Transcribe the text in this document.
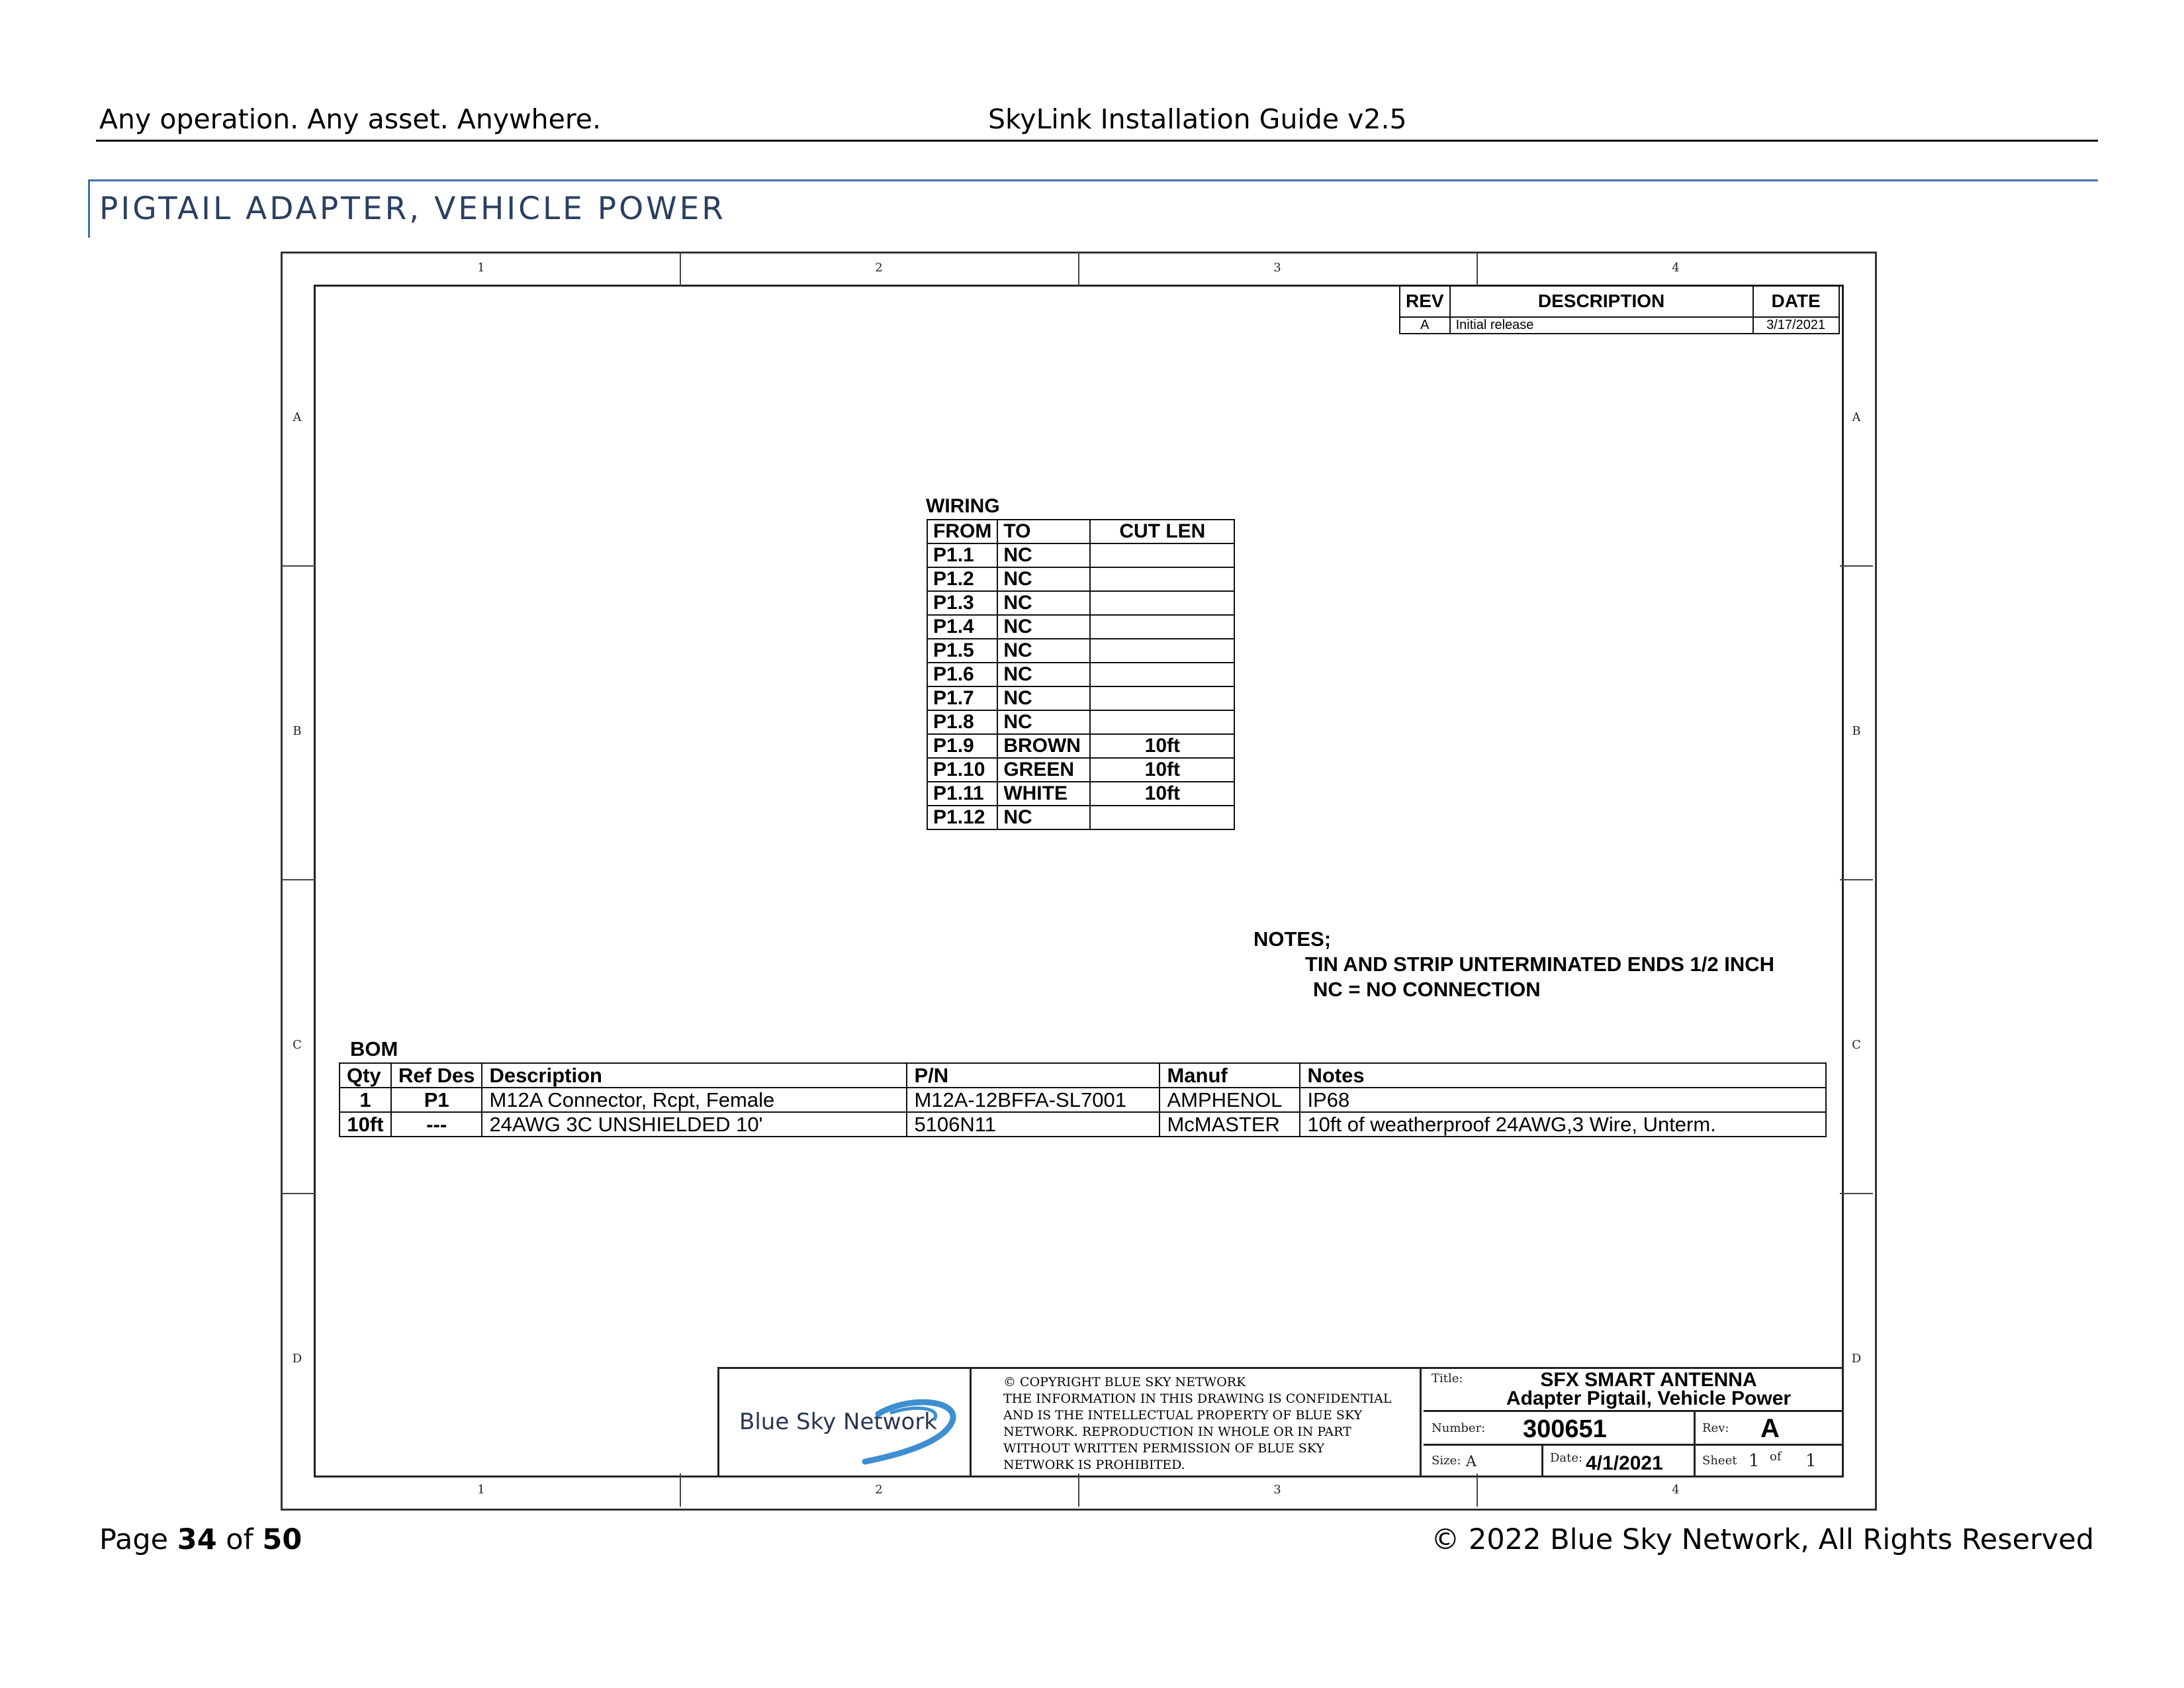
Any operation. Any asset. Anywhere.	SkyLink Installation Guide v2.5
PIGTAIL ADAPTER, VEHICLE POWER
1	2	3	4
1	2	3	4
A
B
C
D
A
B
C
D
REV	DESCRIPTION	DATE
A	Initial release	3/17/2021
WIRING
FROM	TO	CUT LEN
P1.1	NC	
P1.2	NC	
P1.3	NC	
P1.4	NC	
P1.5	NC	
P1.6	NC	
P1.7	NC	
P1.8	NC	
P1.9	BROWN	10ft
P1.10	GREEN	10ft
P1.11	WHITE	10ft
P1.12	NC	
NOTES;
TIN AND STRIP UNTERMINATED ENDS 1/2 INCH
NC = NO CONNECTION
BOM
Qty	Ref Des	Description	P/N	Manuf	Notes
1	P1	M12A Connector, Rcpt, Female	M12A-12BFFA-SL7001	AMPHENOL	IP68
10ft	---	24AWG 3C UNSHIELDED 10'	5106N11	McMASTER	10ft of weatherproof 24AWG,3 Wire, Unterm.
Blue Sky Network
© COPYRIGHT BLUE SKY NETWORK
THE INFORMATION IN THIS DRAWING IS CONFIDENTIAL
AND IS THE INTELLECTUAL PROPERTY OF BLUE SKY
NETWORK. REPRODUCTION IN WHOLE OR IN PART
WITHOUT WRITTEN PERMISSION OF BLUE SKY
NETWORK IS PROHIBITED.
Title:	SFX SMART ANTENNA
Adapter Pigtail, Vehicle Power
Number: 300651	Rev: A
Size: A	Date: 4/1/2021	Sheet 1 of 1
Page 34 of 50	© 2022 Blue Sky Network, All Rights Reserved
